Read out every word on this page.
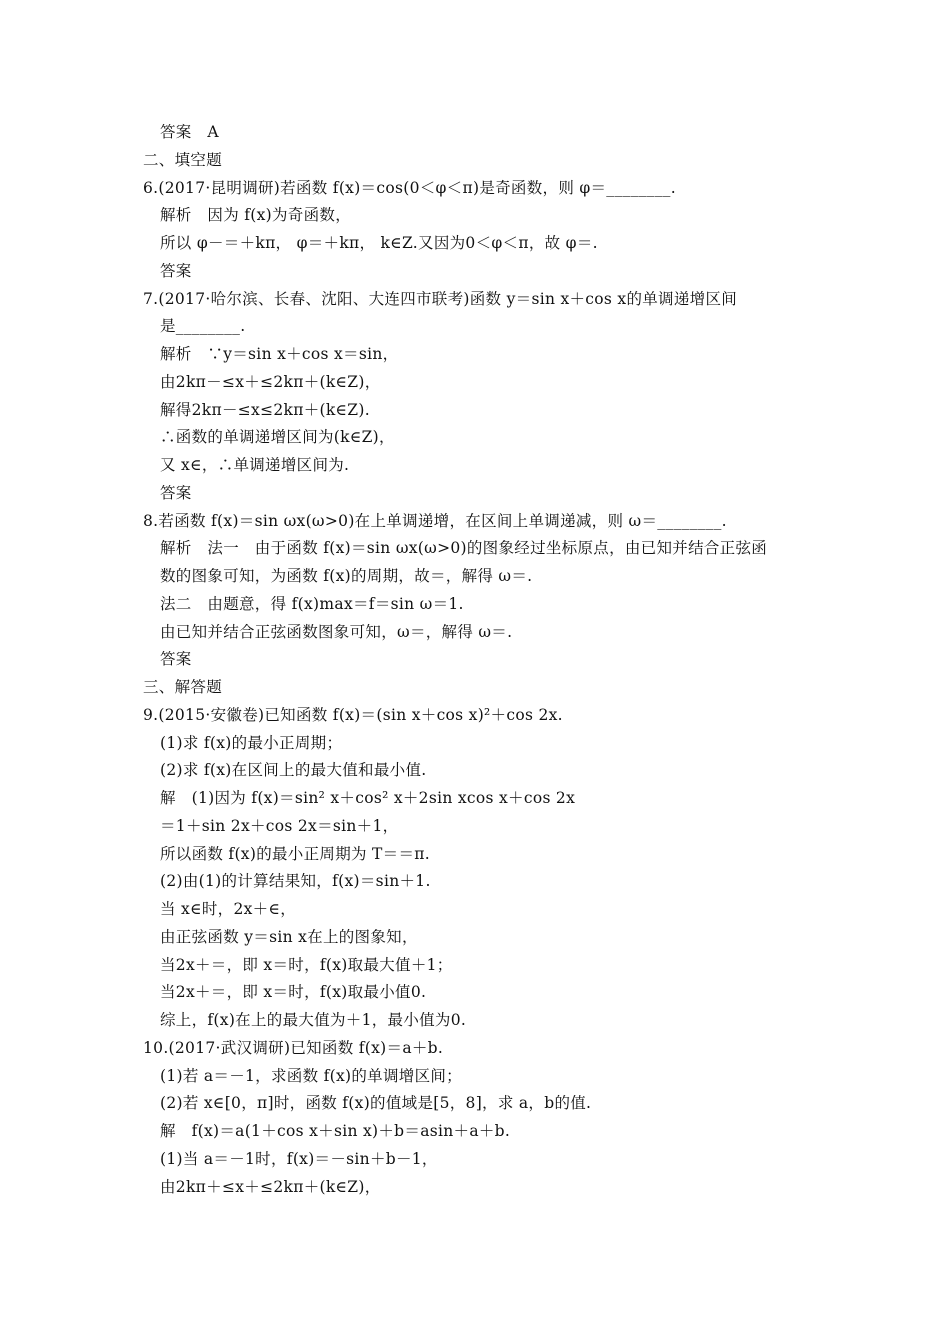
答案　A
二、填空题
6.(2017·昆明调研)若函数 f(x)＝cos(0＜φ＜π)是奇函数，则 φ＝________.
解析　因为 f(x)为奇函数，
所以 φ－＝＋kπ， φ＝＋kπ， k∈Z.又因为0＜φ＜π，故 φ＝.
答案
7.(2017·哈尔滨、长春、沈阳、大连四市联考)函数 y＝sin x＋cos x的单调递增区间
是________.
解析　∵y＝sin x＋cos x＝sin，
由2kπ－≤x＋≤2kπ＋(k∈Z)，
解得2kπ－≤x≤2kπ＋(k∈Z).
∴函数的单调递增区间为(k∈Z)，
又 x∈，∴单调递增区间为.
答案
8.若函数 f(x)＝sin ωx(ω>0)在上单调递增，在区间上单调递减，则 ω＝________.
解析　法一　由于函数 f(x)＝sin ωx(ω>0)的图象经过坐标原点，由已知并结合正弦函
数的图象可知，为函数 f(x)的周期，故＝，解得 ω＝.
法二　由题意，得 f(x)max＝f＝sin ω＝1.
由已知并结合正弦函数图象可知，ω＝，解得 ω＝.
答案
三、解答题
9.(2015·安徽卷)已知函数 f(x)＝(sin x＋cos x)²＋cos 2x.
(1)求 f(x)的最小正周期；
(2)求 f(x)在区间上的最大值和最小值.
解　(1)因为 f(x)＝sin² x＋cos² x＋2sin xcos x＋cos 2x
＝1＋sin 2x＋cos 2x＝sin＋1，
所以函数 f(x)的最小正周期为 T＝＝π.
(2)由(1)的计算结果知，f(x)＝sin＋1.
当 x∈时，2x＋∈，
由正弦函数 y＝sin x在上的图象知，
当2x＋＝，即 x＝时，f(x)取最大值＋1；
当2x＋＝，即 x＝时，f(x)取最小值0.
综上，f(x)在上的最大值为＋1，最小值为0.
10.(2017·武汉调研)已知函数 f(x)＝a＋b.
(1)若 a＝－1，求函数 f(x)的单调增区间；
(2)若 x∈[0，π]时，函数 f(x)的值域是[5，8]，求 a，b的值.
解　f(x)＝a(1＋cos x＋sin x)＋b＝asin＋a＋b.
(1)当 a＝－1时，f(x)＝－sin＋b－1，
由2kπ＋≤x＋≤2kπ＋(k∈Z)，
